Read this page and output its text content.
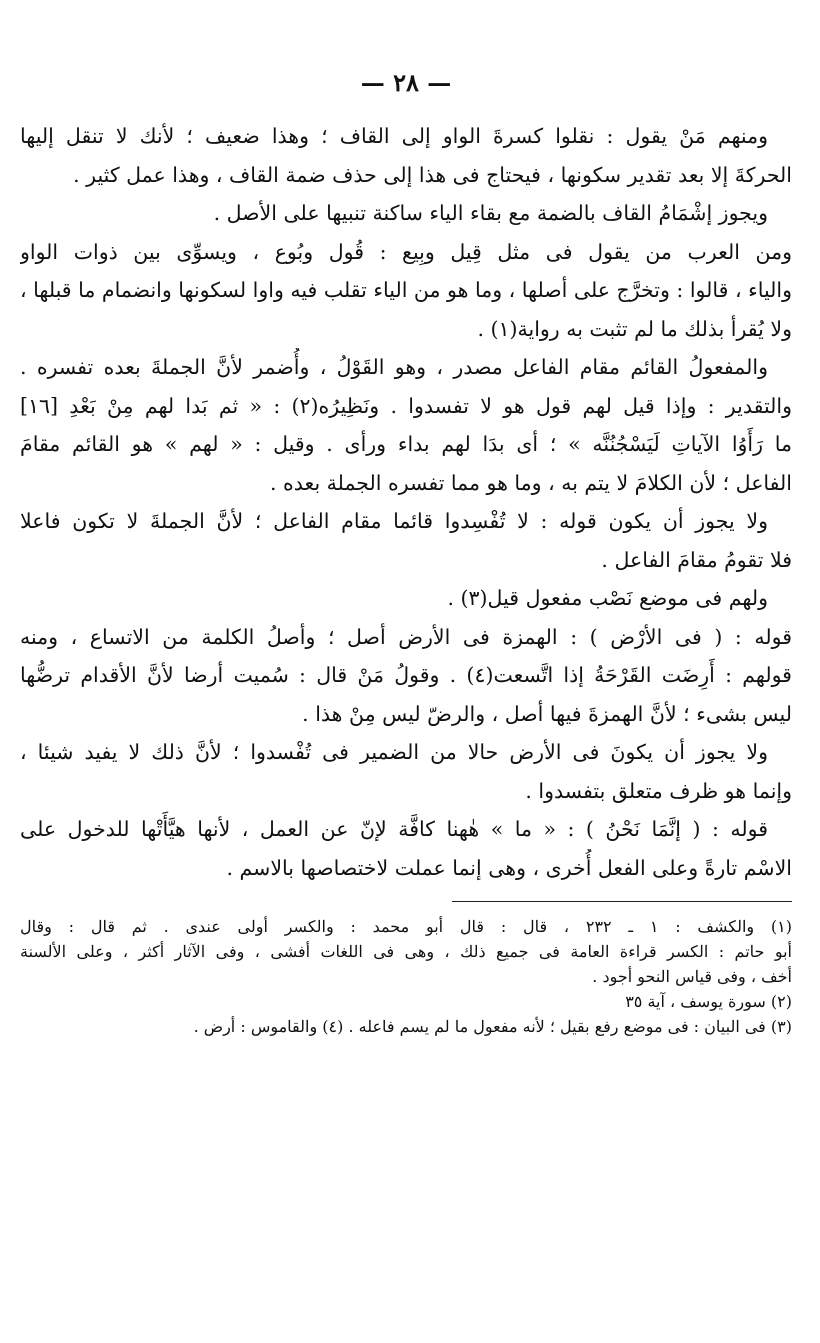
— ٢٨ —
ومنهم مَنْ يقول : نقلوا كسرةَ الواو إلى القاف ؛ وهذا ضعيف ؛ لأنك لا تنقل إليها
الحركةَ إلا بعد تقدير سكونها ، فيحتاج فى هذا إلى حذف ضمة القاف ، وهذا عمل كثير .
ويجوز إشْمَامُ القاف بالضمة مع بقاء الياء ساكنة تنبيها على الأصل .
ومن العرب من يقول فى مثل قِيل وبِيع : قُول وبُوع ، ويسوِّى بين ذوات الواو
والياء ، قالوا : وتخرَّج على أصلها ، وما هو من الياء تقلب فيه واوا لسكونها وانضمام ما قبلها ،
ولا يُقرأ بذلك ما لم تثبت به رواية(١) .
والمفعولُ القائم مقام الفاعل مصدر ، وهو القَوْلُ ، وأُضمر لأنَّ الجملةَ بعده تفسره .
والتقدير : وإذا قيل لهم قول هو لا تفسدوا . ونَظِيرُه(٢) : « ثم بَدا لهم مِنْ بَعْدِ [١٦]
ما رَأَوُا الآياتِ لَيَسْجُنُنَّه » ؛ أى بدَا لهم بداء ورأى . وقيل : « لهم » هو القائم مقامَ
الفاعل ؛ لأن الكلامَ لا يتم به ، وما هو مما تفسره الجملة بعده .
ولا يجوز أن يكون قوله : لا تُفْسِدوا قائما مقام الفاعل ؛ لأنَّ الجملةَ لا تكون فاعلا
فلا تقومُ مقامَ الفاعل .
ولهم فى موضع نَصْب مفعول قيل(٣) .
قوله : ( فى الأرْض ) : الهمزة فى الأرض أصل ؛ وأصلُ الكلمة من الاتساع ، ومنه
قولهم : أَرِضَت القَرْحَةُ إذا اتَّسعت(٤) . وقولُ مَنْ قال : سُميت أرضا لأنَّ الأقدام ترضُّها
ليس بشىء ؛ لأنَّ الهمزةَ فيها أصل ، والرضّ ليس مِنْ هذا .
ولا يجوز أن يكونَ فى الأرض حالا من الضمير فى تُفْسدوا ؛ لأنَّ ذلك لا يفيد شيئا ،
وإنما هو ظرف متعلق بتفسدوا .
قوله : ( إنَّمَا نَحْنُ ) : « ما » هٰهنا كافَّة لإنّ عن العمل ، لأنها هيَّأَتْها للدخول على
الاسْم تارةً وعلى الفعل أُخرى ، وهى إنما عملت لاختصاصها بالاسم .
(١) والكشف : ١ ـ ٢٣٢ ، قال : قال أبو محمد : والكسر أولى عندى . ثم قال : وقال
أبو حاتم : الكسر قراءة العامة فى جميع ذلك ، وهى فى اللغات أفشى ، وفى الآثار أكثر ، وعلى الألسنة
أخف ، وفى قياس النحو أجود .
(٢) سورة يوسف ، آية ٣٥
(٣) فى البيان : فى موضع رفع بقيل ؛ لأنه مفعول ما لم يسم فاعله . (٤) والقاموس : أرض .
